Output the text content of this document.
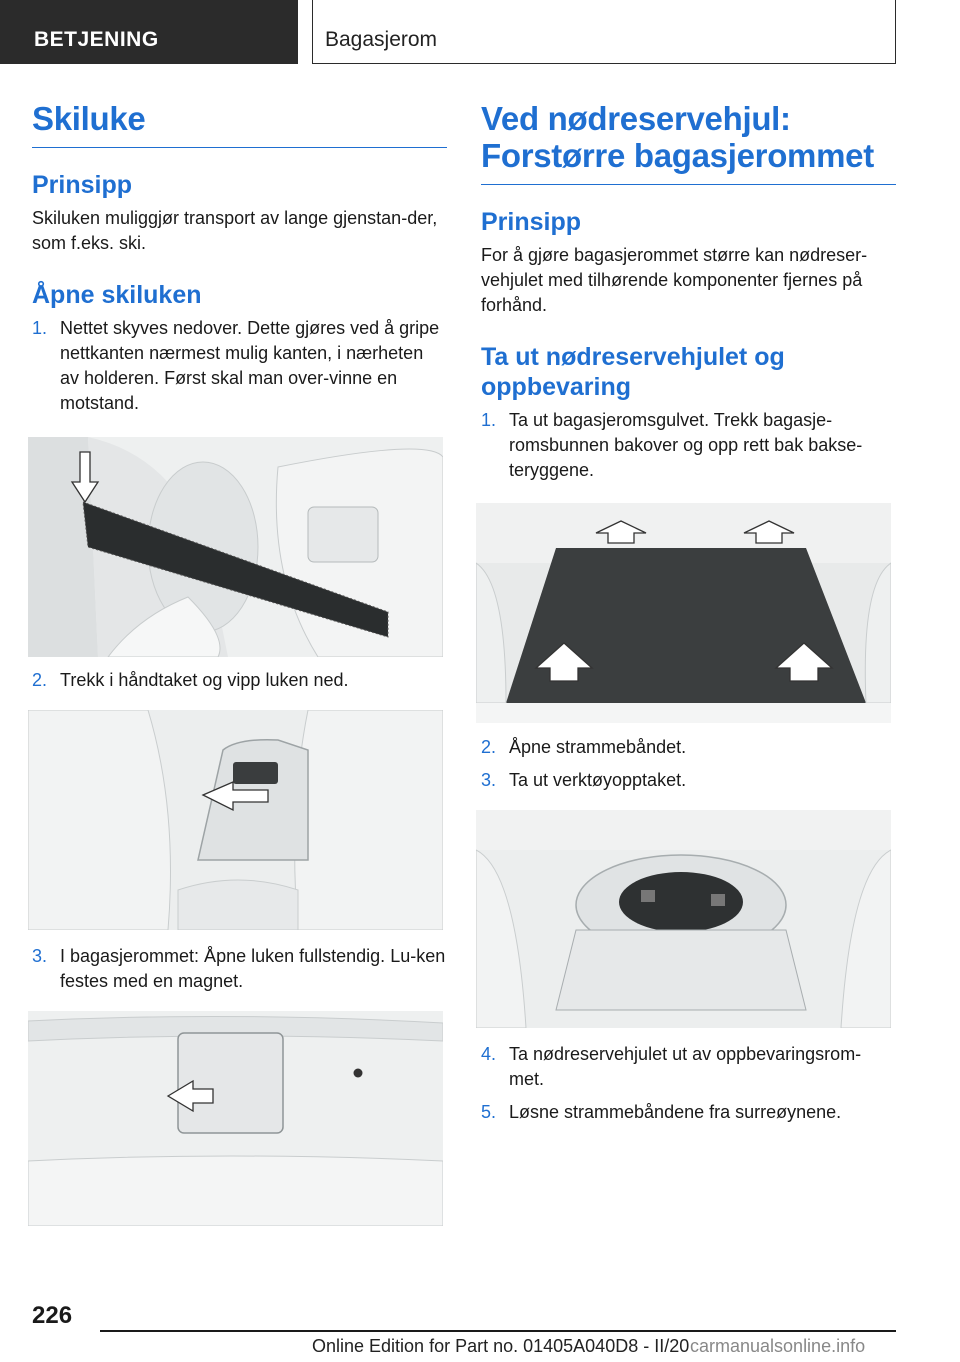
BETJENING	Bagasjerom
Skiluke
Prinsipp

Skiluken muliggjør transport av lange gjenstan-der, som f.eks. ski.

Åpne skiluken
1. Nettet skyves nedover. Dette gjøres ved å gripe nettkanten nærmest mulig kanten, i nærheten av holderen. Først skal man over-vinne en motstand.
2. Trekk i håndtaket og vipp luken ned.
3. I bagasjerommet: Åpne luken fullstendig. Lu-ken festes med en magnet.
Ved nødreservehjul: Forstørre bagasjerommet
Prinsipp

For å gjøre bagasjerommet større kan nødreser-vehjulet med tilhørende komponenter fjernes på forhånd.

Ta ut nødreservehjulet og oppbevaring
1. Ta ut bagasjeromsgulvet. Trekk bagasje-romsbunnen bakover og opp rett bak bakse-teryggene.
2. Åpne strammebåndet.
3. Ta ut verktøyopptaket.
4. Ta nødreservehjulet ut av oppbevaringsrom-met.
5. Løsne strammebåndene fra surreøynene.
226
Online Edition for Part no. 01405A040D8 - II/20 carmanualsonline.info
